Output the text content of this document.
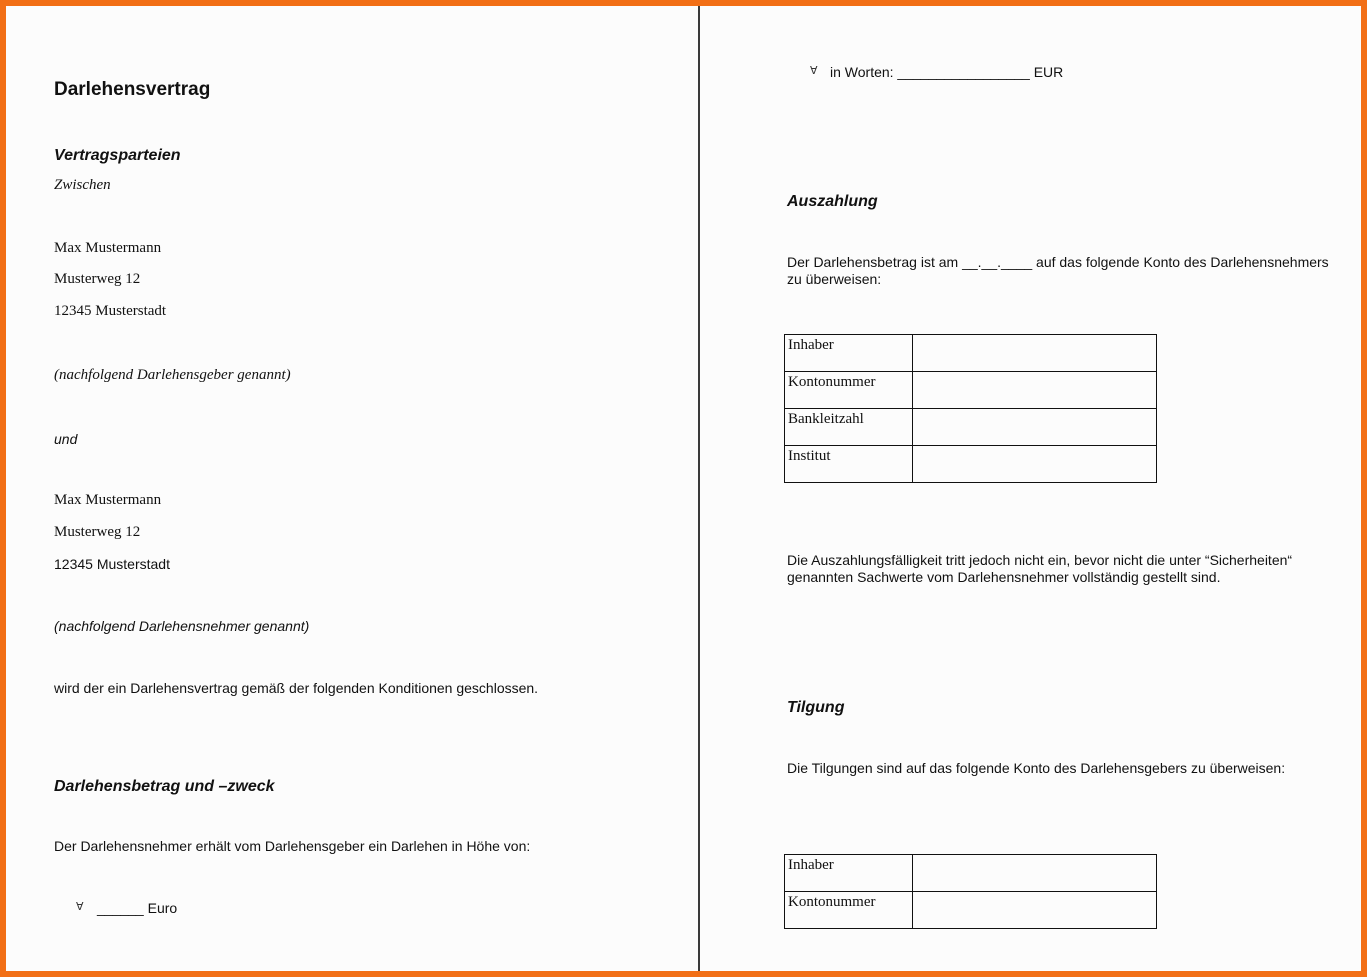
Darlehensvertrag

Vertragsparteien

Zwischen

Max Mustermann

Musterweg 12

12345 Musterstadt

(nachfolgend Darlehensgeber genannt)

und

Max Mustermann

Musterweg 12

12345 Musterstadt

(nachfolgend Darlehensnehmer genannt)

wird der ein Darlehensvertrag gemäß der folgenden Konditionen geschlossen.

Darlehensbetrag und –zweck

Der Darlehensnehmer erhält vom Darlehensgeber ein Darlehen in Höhe von:

Ɐ ______ Euro

Ɐ in Worten: _________________ EUR

Auszahlung

Der Darlehensbetrag ist am __.__.____ auf das folgende Konto des Darlehensnehmers zu überweisen:

Inhaber	
Kontonummer	
Bankleitzahl	
Institut	

Die Auszahlungsfälligkeit tritt jedoch nicht ein, bevor nicht die unter “Sicherheiten“ genannten Sachwerte vom Darlehensnehmer vollständig gestellt sind.

Tilgung

Die Tilgungen sind auf das folgende Konto des Darlehensgebers zu überweisen:

Inhaber	
Kontonummer	
